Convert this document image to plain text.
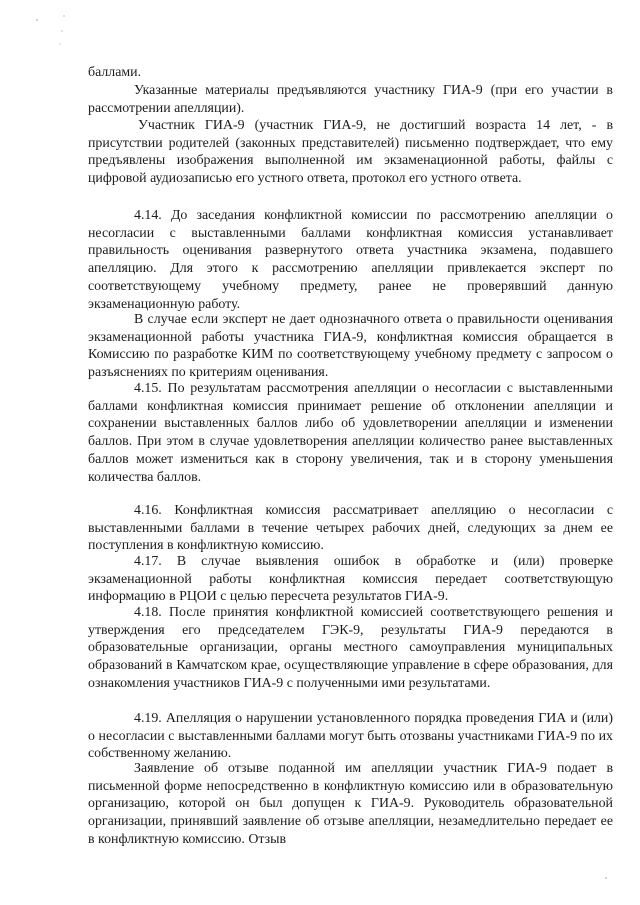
баллами.

Указанные материалы предъявляются участнику ГИА-9 (при его участии в рассмотрении апелляции).

Участник ГИА-9 (участник ГИА-9, не достигший возраста 14 лет, - в присутствии родителей (законных представителей) письменно подтверждает, что ему предъявлены изображения выполненной им экзаменационной работы, файлы с цифровой аудиозаписью его устного ответа, протокол его устного ответа.

4.14. До заседания конфликтной комиссии по рассмотрению апелляции о несогласии с выставленными баллами конфликтная комиссия устанавливает правильность оценивания развернутого ответа участника экзамена, подавшего апелляцию. Для этого к рассмотрению апелляции привлекается эксперт по соответствующему учебному предмету, ранее не проверявший данную экзаменационную работу.

В случае если эксперт не дает однозначного ответа о правильности оценивания экзаменационной работы участника ГИА-9, конфликтная комиссия обращается в Комиссию по разработке КИМ по соответствующему учебному предмету с запросом о разъяснениях по критериям оценивания.

4.15. По результатам рассмотрения апелляции о несогласии с выставленными баллами конфликтная комиссия принимает решение об отклонении апелляции и сохранении выставленных баллов либо об удовлетворении апелляции и изменении баллов. При этом в случае удовлетворения апелляции количество ранее выставленных баллов может измениться как в сторону увеличения, так и в сторону уменьшения количества баллов.

4.16. Конфликтная комиссия рассматривает апелляцию о несогласии с выставленными баллами в течение четырех рабочих дней, следующих за днем ее поступления в конфликтную комиссию.

4.17. В случае выявления ошибок в обработке и (или) проверке экзаменационной работы конфликтная комиссия передает соответствующую информацию в РЦОИ с целью пересчета результатов ГИА-9.

4.18. После принятия конфликтной комиссией соответствующего решения и утверждения его председателем ГЭК-9, результаты ГИА-9 передаются в образовательные организации, органы местного самоуправления муниципальных образований в Камчатском крае, осуществляющие управление в сфере образования, для ознакомления участников ГИА-9 с полученными ими результатами.

4.19. Апелляция о нарушении установленного порядка проведения ГИА и (или) о несогласии с выставленными баллами могут быть отозваны участниками ГИА-9 по их собственному желанию.

Заявление об отзыве поданной им апелляции участник ГИА-9 подает в письменной форме непосредственно в конфликтную комиссию или в образовательную организацию, которой он был допущен к ГИА-9. Руководитель образовательной организации, принявший заявление об отзыве апелляции, незамедлительно передает ее в конфликтную комиссию. Отзыв
